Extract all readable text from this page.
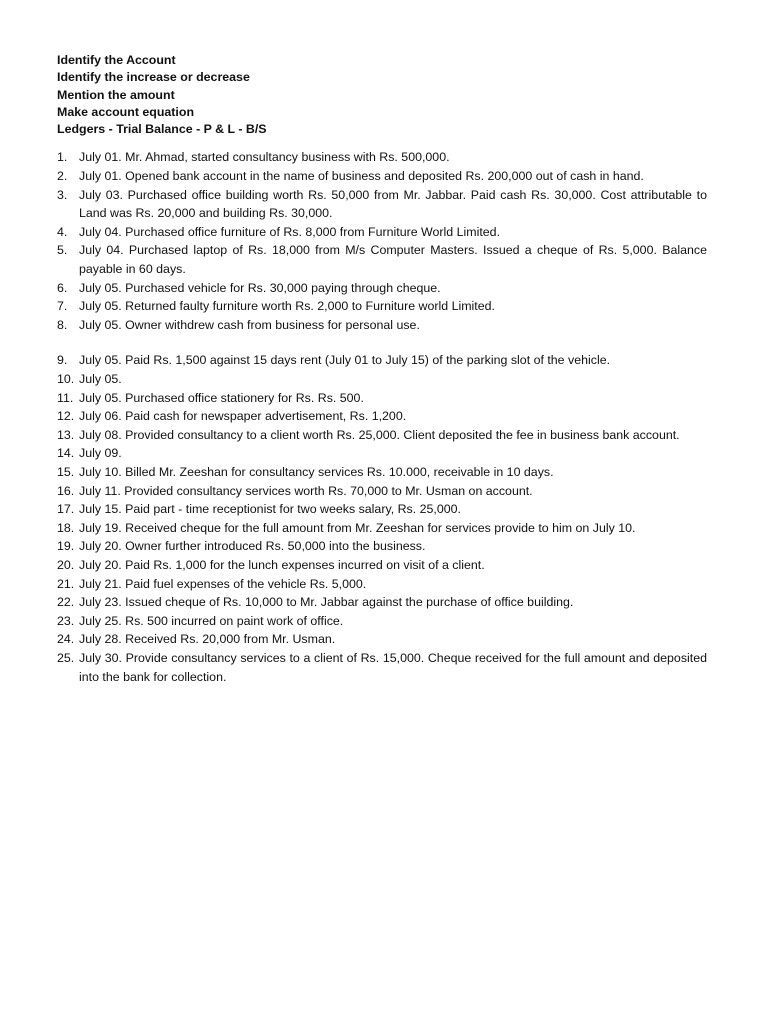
Identify the Account
Identify the increase or decrease
Mention the amount
Make account equation
Ledgers - Trial Balance - P & L - B/S
1. July 01. Mr. Ahmad, started consultancy business with Rs. 500,000.
2. July 01. Opened bank account in the name of business and deposited Rs. 200,000 out of cash in hand.
3. July 03. Purchased office building worth Rs. 50,000 from Mr. Jabbar. Paid cash Rs. 30,000. Cost attributable to Land was Rs. 20,000 and building Rs. 30,000.
4. July 04. Purchased office furniture of Rs. 8,000 from Furniture World Limited.
5. July 04. Purchased laptop of Rs. 18,000 from M/s Computer Masters. Issued a cheque of Rs. 5,000. Balance payable in 60 days.
6. July 05. Purchased vehicle for Rs. 30,000 paying through cheque.
7. July 05. Returned faulty furniture worth Rs. 2,000 to Furniture world Limited.
8. July 05. Owner withdrew cash from business for personal use.
9. July 05. Paid Rs. 1,500 against 15 days rent (July 01 to July 15) of the parking slot of the vehicle.
10. July 05.
11. July 05. Purchased office stationery for Rs. Rs. 500.
12. July 06. Paid cash for newspaper advertisement, Rs. 1,200.
13. July 08. Provided consultancy to a client worth Rs. 25,000. Client deposited the fee in business bank account.
14. July 09.
15. July 10. Billed Mr. Zeeshan for consultancy services Rs. 10.000, receivable in 10 days.
16. July 11. Provided consultancy services worth Rs. 70,000 to Mr. Usman on account.
17. July 15. Paid part - time receptionist for two weeks salary, Rs. 25,000.
18. July 19. Received cheque for the full amount from Mr. Zeeshan for services provide to him on July 10.
19. July 20. Owner further introduced Rs. 50,000 into the business.
20. July 20. Paid Rs. 1,000 for the lunch expenses incurred on visit of a client.
21. July 21. Paid fuel expenses of the vehicle Rs. 5,000.
22. July 23. Issued cheque of Rs. 10,000 to Mr. Jabbar against the purchase of office building.
23. July 25. Rs. 500 incurred on paint work of office.
24. July 28. Received Rs. 20,000 from Mr. Usman.
25. July 30. Provide consultancy services to a client of Rs. 15,000. Cheque received for the full amount and deposited into the bank for collection.
